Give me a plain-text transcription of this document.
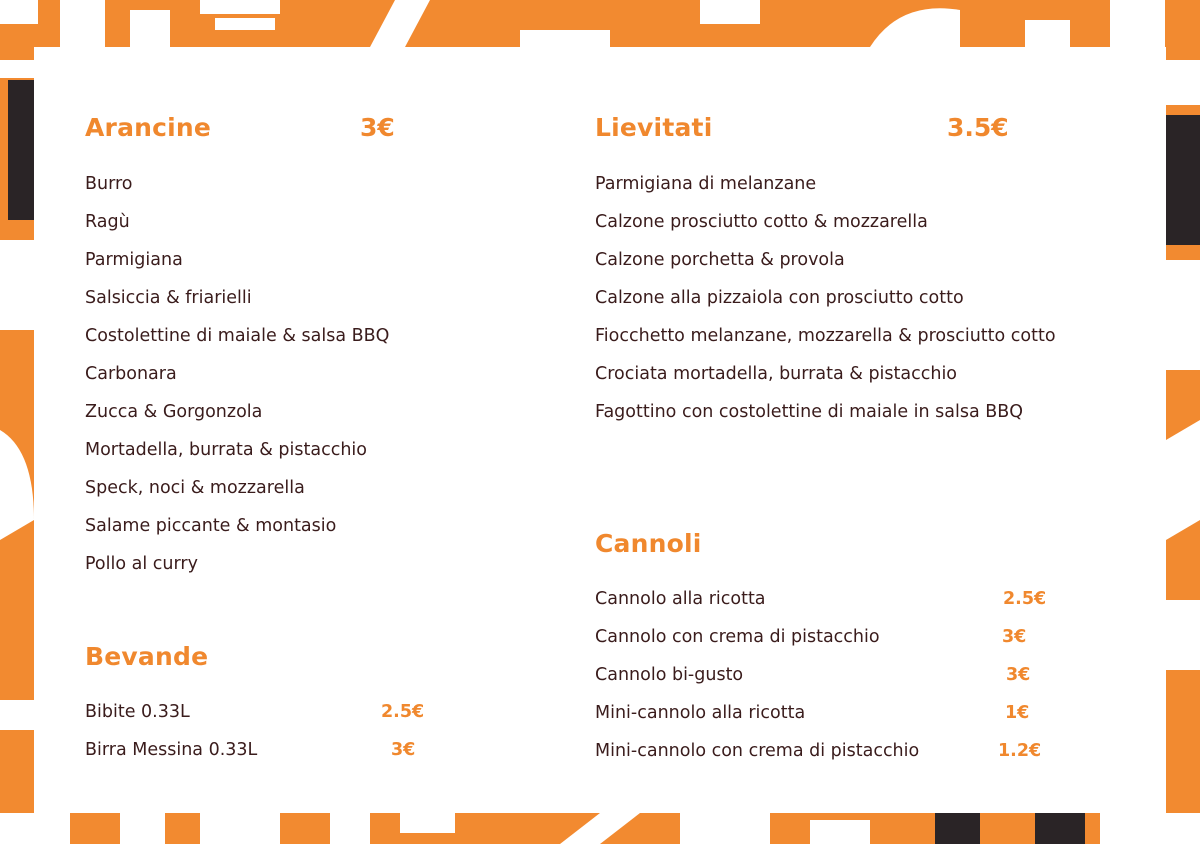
Arancine	3€
Burro
Ragù
Parmigiana
Salsiccia & friarielli
Costolettine di maiale & salsa BBQ
Carbonara
Zucca & Gorgonzola
Mortadella, burrata & pistacchio
Speck, noci & mozzarella
Salame piccante & montasio
Pollo al curry
Bevande
Bibite 0.33L	2.5€
Birra Messina 0.33L	3€
Lievitati	3.5€
Parmigiana di melanzane
Calzone prosciutto cotto & mozzarella
Calzone porchetta & provola
Calzone alla pizzaiola con prosciutto cotto
Fiocchetto melanzane, mozzarella & prosciutto cotto
Crociata mortadella, burrata & pistacchio
Fagottino con costolettine di maiale in salsa BBQ
Cannoli
Cannolo alla ricotta	2.5€
Cannolo con crema di pistacchio	3€
Cannolo bi-gusto	3€
Mini-cannolo alla ricotta	1€
Mini-cannolo con crema di pistacchio	1.2€
